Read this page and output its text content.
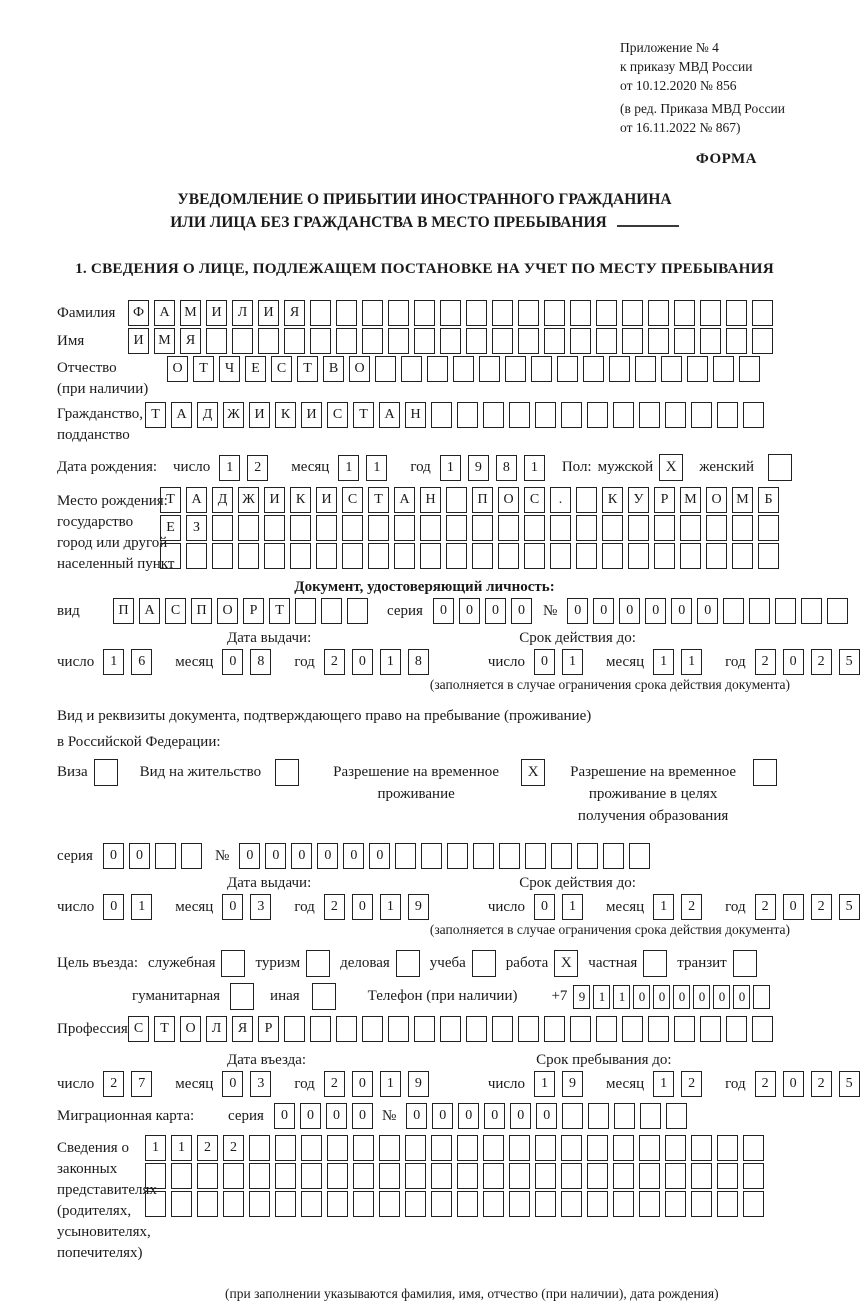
Приложение № 4
к приказу МВД России
от 10.12.2020 № 856
(в ред. Приказа МВД России
от 16.11.2022 № 867)
ФОРМА
УВЕДОМЛЕНИЕ О ПРИБЫТИИ ИНОСТРАННОГО ГРАЖДАНИНА
ИЛИ ЛИЦА БЕЗ ГРАЖДАНСТВА В МЕСТО ПРЕБЫВАНИЯ
1. СВЕДЕНИЯ О ЛИЦЕ, ПОДЛЕЖАЩЕМ ПОСТАНОВКЕ НА УЧЕТ ПО МЕСТУ ПРЕБЫВАНИЯ
Фамилия	Ф	А	М	И	Л	И	Я
Имя	И	М	Я
Отчество
(при наличии)
О	Т	Ч	Е	С	Т	В	О
Гражданство,
подданство
Т	А	Д	Ж	И	К	И	С	Т	А	Н
Дата рождения:	число	1	2	месяц	1	1	год	1	9	8	1	Пол: мужской X	женский
Место рождения:
государство
город или другой
населенный пункт
Т	А	Д	Ж	И	К	И	С	Т	А	Н	П	О	С	.	К	У	Р	М	О	М	Б
Е	З
Документ, удостоверяющий личность:
вид	П	А	С	П	О	Р	Т	серия	0	0	0	0	№	0	0	0	0	0	0
Дата выдачи:	Срок действия до:
число	1	6	месяц	0	8	год	2	0	1	8	число	0	1	месяц	1	1	год	2	0	2	5
(заполняется в случае ограничения срока действия документа)
Вид и реквизиты документа, подтверждающего право на пребывание (проживание)
в Российской Федерации:
Виза	Вид на жительство	Разрешение на временное
проживание
X	Разрешение на временное
проживание в целях
получения образования
серия	0	0	№	0	0	0	0	0	0
Дата выдачи:	Срок действия до:
число	0	1	месяц	0	3	год	2	0	1	9	число	0	1	месяц	1	2	год	2	0	2	5
(заполняется в случае ограничения срока действия документа)
Цель въезда: служебная	туризм	деловая	учеба	работа X	частная	транзит
гуманитарная	иная	Телефон (при наличии) +7 9	1	1	0	0	0	0	0	0
Профессия С	Т	О	Л	Я	Р
Дата въезда:	Срок пребывания до:
число	2	7	месяц	0	3	год	2	0	1	9	число	1	9	месяц	1	2	год	2	0	2	5
Миграционная карта:	серия	0	0	0	0	№	0	0	0	0	0	0
Сведения о
законных
представителях
(родителях,
усыновителях,
попечителях)
1	1	2	2
(при заполнении указываются фамилия, имя, отчество (при наличии), дата рождения)
